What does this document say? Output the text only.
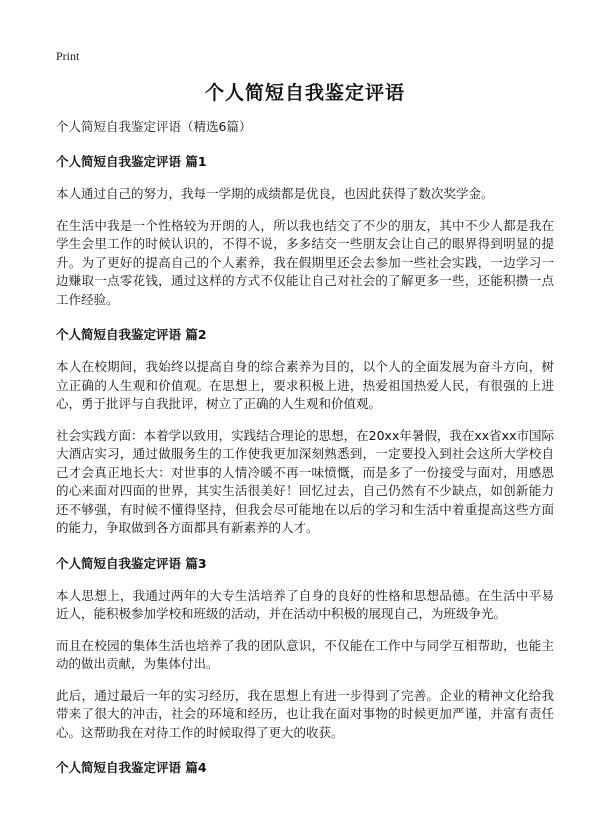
Print
个人简短自我鉴定评语
个人简短自我鉴定评语（精选6篇）
个人简短自我鉴定评语 篇1

本人通过自己的努力，我每一学期的成绩都是优良，也因此获得了数次奖学金。

在生活中我是一个性格较为开朗的人，所以我也结交了不少的朋友，其中不少人都是我在学生会里工作的时候认识的，不得不说，多多结交一些朋友会让自己的眼界得到明显的提升。为了更好的提高自己的个人素养，我在假期里还会去参加一些社会实践，一边学习一边赚取一点零花钱，通过这样的方式不仅能让自己对社会的了解更多一些，还能积攒一点工作经验。

个人简短自我鉴定评语 篇2

本人在校期间，我始终以提高自身的综合素养为目的，以个人的全面发展为奋斗方向，树立正确的人生观和价值观。在思想上，要求积极上进，热爱祖国热爱人民，有很强的上进心，勇于批评与自我批评，树立了正确的人生观和价值观。

社会实践方面：本着学以致用，实践结合理论的思想，在20xx年暑假，我在xx省xx市国际大酒店实习，通过做服务生的工作使我更加深刻熟悉到，一定要投入到社会这所大学校自己才会真正地长大：对世事的人情冷暖不再一味愤慨，而是多了一份接受与面对，用感恩的心来面对四面的世界，其实生活很美好！回忆过去，自己仍然有不少缺点，如创新能力还不够强，有时候不懂得坚持，但我会尽可能地在以后的学习和生活中着重提高这些方面的能力，争取做到各方面都具有新素养的人才。

个人简短自我鉴定评语 篇3

本人思想上，我通过两年的大专生活培养了自身的良好的性格和思想品德。在生活中平易近人，能积极参加学校和班级的活动，并在活动中积极的展现自己，为班级争光。

而且在校园的集体生活也培养了我的团队意识，不仅能在工作中与同学互相帮助，也能主动的做出贡献，为集体付出。

此后，通过最后一年的实习经历，我在思想上有进一步得到了完善。企业的精神文化给我带来了很大的冲击，社会的环境和经历，也让我在面对事物的时候更加严谨，并富有责任心。这帮助我在对待工作的时候取得了更大的收获。

个人简短自我鉴定评语 篇4
